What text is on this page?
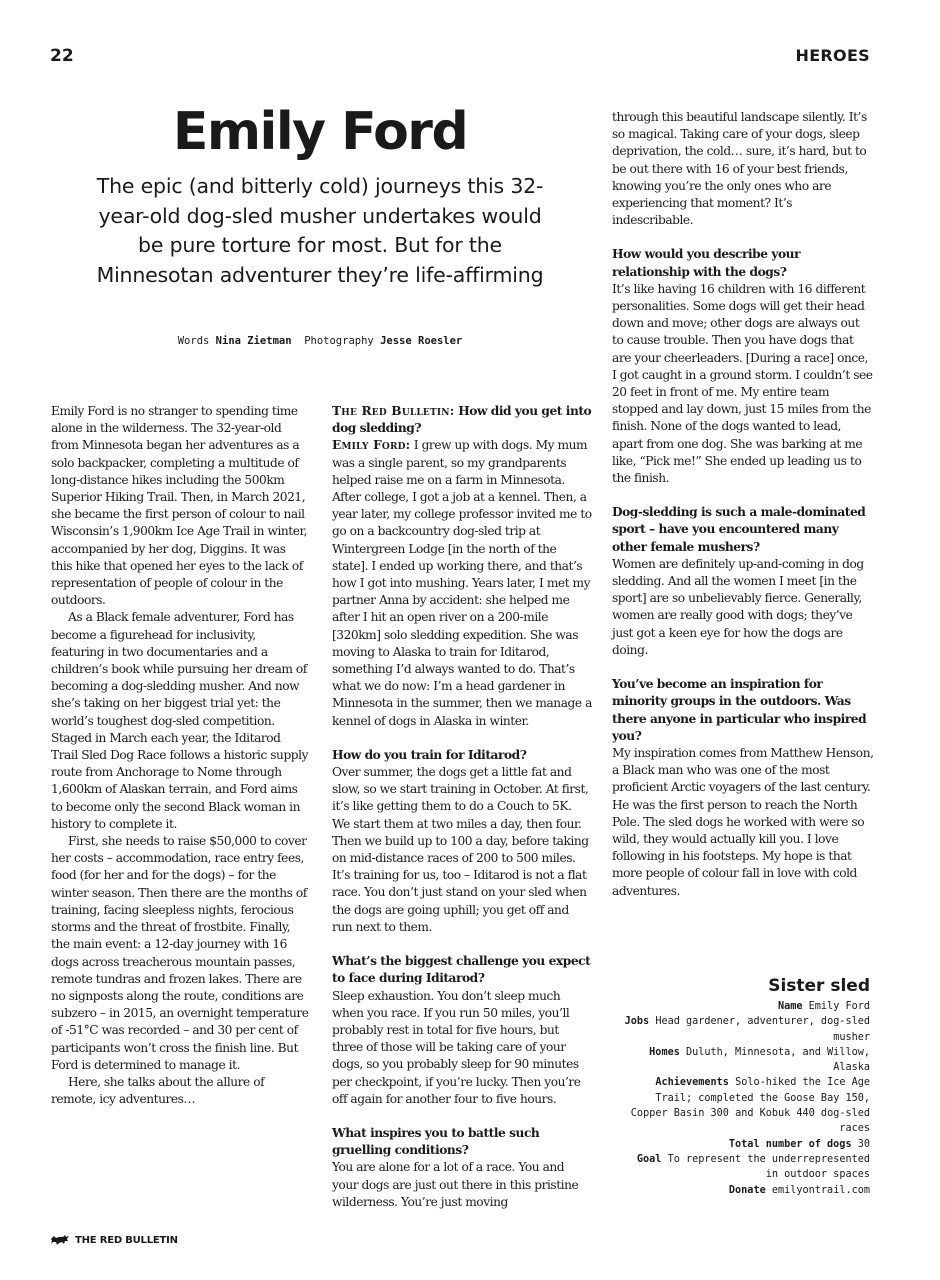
22	HEROES
Emily Ford
The epic (and bitterly cold) journeys this 32-year-old dog-sled musher undertakes would be pure torture for most. But for the Minnesotan adventurer they’re life-affirming
Words Nina Zietman Photography Jesse Roesler

Emily Ford is no stranger to spending time alone in the wilderness. The 32-year-old from Minnesota began her adventures as a solo backpacker, completing a multitude of long-distance hikes including the 500km Superior Hiking Trail. Then, in March 2021, she became the first person of colour to nail Wisconsin’s 1,900km Ice Age Trail in winter, accompanied by her dog, Diggins. It was this hike that opened her eyes to the lack of representation of people of colour in the outdoors.

As a Black female adventurer, Ford has become a figurehead for inclusivity, featuring in two documentaries and a children’s book while pursuing her dream of becoming a dog-sledding musher. And now she’s taking on her biggest trial yet: the world’s toughest dog-sled competition. Staged in March each year, the Iditarod Trail Sled Dog Race follows a historic supply route from Anchorage to Nome through 1,600km of Alaskan terrain, and Ford aims to become only the second Black woman in history to complete it.

First, she needs to raise $50,000 to cover her costs – accommodation, race entry fees, food (for her and for the dogs) – for the winter season. Then there are the months of training, facing sleepless nights, ferocious storms and the threat of frostbite. Finally, the main event: a 12-day journey with 16 dogs across treacherous mountain passes, remote tundras and frozen lakes. There are no signposts along the route, conditions are subzero – in 2015, an overnight temperature of -51°C was recorded – and 30 per cent of participants won’t cross the finish line. But Ford is determined to manage it.

Here, she talks about the allure of remote, icy adventures…

The Red Bulletin: How did you get into dog sledding?

Emily Ford: I grew up with dogs. My mum was a single parent, so my grandparents helped raise me on a farm in Minnesota. After college, I got a job at a kennel. Then, a year later, my college professor invited me to go on a backcountry dog-sled trip at Wintergreen Lodge [in the north of the state]. I ended up working there, and that’s how I got into mushing. Years later, I met my partner Anna by accident: she helped me after I hit an open river on a 200-mile [320km] solo sledding expedition. She was moving to Alaska to train for Iditarod, something I’d always wanted to do. That’s what we do now: I’m a head gardener in Minnesota in the summer, then we manage a kennel of dogs in Alaska in winter.

How do you train for Iditarod?

Over summer, the dogs get a little fat and slow, so we start training in October. At first, it’s like getting them to do a Couch to 5K. We start them at two miles a day, then four. Then we build up to 100 a day, before taking on mid-distance races of 200 to 500 miles. It’s training for us, too – Iditarod is not a flat race. You don’t just stand on your sled when the dogs are going uphill; you get off and run next to them.

What’s the biggest challenge you expect to face during Iditarod?

Sleep exhaustion. You don’t sleep much when you race. If you run 50 miles, you’ll probably rest in total for five hours, but three of those will be taking care of your dogs, so you probably sleep for 90 minutes per checkpoint, if you’re lucky. Then you’re off again for another four to five hours.

What inspires you to battle such gruelling conditions?

You are alone for a lot of a race. You and your dogs are just out there in this pristine wilderness. You’re just moving

through this beautiful landscape silently. It’s so magical. Taking care of your dogs, sleep deprivation, the cold… sure, it’s hard, but to be out there with 16 of your best friends, knowing you’re the only ones who are experiencing that moment? It’s indescribable.

How would you describe your relationship with the dogs?

It’s like having 16 children with 16 different personalities. Some dogs will get their head down and move; other dogs are always out to cause trouble. Then you have dogs that are your cheerleaders. [During a race] once, I got caught in a ground storm. I couldn’t see 20 feet in front of me. My entire team stopped and lay down, just 15 miles from the finish. None of the dogs wanted to lead, apart from one dog. She was barking at me like, “Pick me!” She ended up leading us to the finish.

Dog-sledding is such a male-dominated sport – have you encountered many other female mushers?

Women are definitely up-and-coming in dog sledding. And all the women I meet [in the sport] are so unbelievably fierce. Generally, women are really good with dogs; they’ve just got a keen eye for how the dogs are doing.

You’ve become an inspiration for minority groups in the outdoors. Was there anyone in particular who inspired you?

My inspiration comes from Matthew Henson, a Black man who was one of the most proficient Arctic voyagers of the last century. He was the first person to reach the North Pole. The sled dogs he worked with were so wild, they would actually kill you. I love following in his footsteps. My hope is that more people of colour fall in love with cold adventures.

Sister sled

Name Emily Ford

Jobs Head gardener, adventurer, dog-sled musher

Homes Duluth, Minnesota, and Willow, Alaska

Achievements Solo-hiked the Ice Age Trail; completed the Goose Bay 150, Copper Basin 300 and Kobuk 440 dog-sled races

Total number of dogs 30

Goal To represent the underrepresented in outdoor spaces

Donate emilyontrail.com

THE RED BULLETIN
